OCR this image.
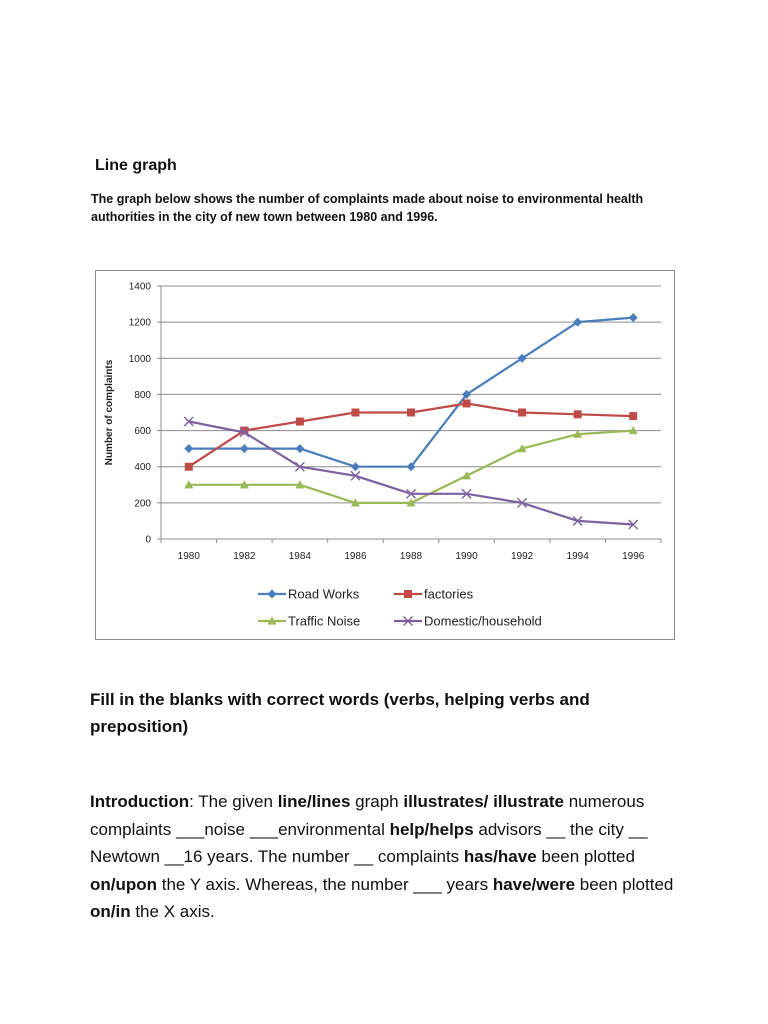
Line graph
The graph below shows the number of complaints made about noise to environmental health authorities in the city of new town between 1980 and 1996.
0
200
400
600
800
1000
1200
1400
1980	1982	1984	1986	1988	1990	1992	1994	1996
Number of complaints
Road Works	factories
Traffic Noise	Domestic/household
Fill in the blanks with correct words (verbs, helping verbs and preposition)
Introduction: The given line/lines graph illustrates/ illustrate numerous complaints ___noise ___environmental help/helps advisors __ the city __ Newtown __16 years. The number __ complaints has/have been plotted on/upon the Y axis. Whereas, the number ___ years have/were been plotted on/in the X axis.
